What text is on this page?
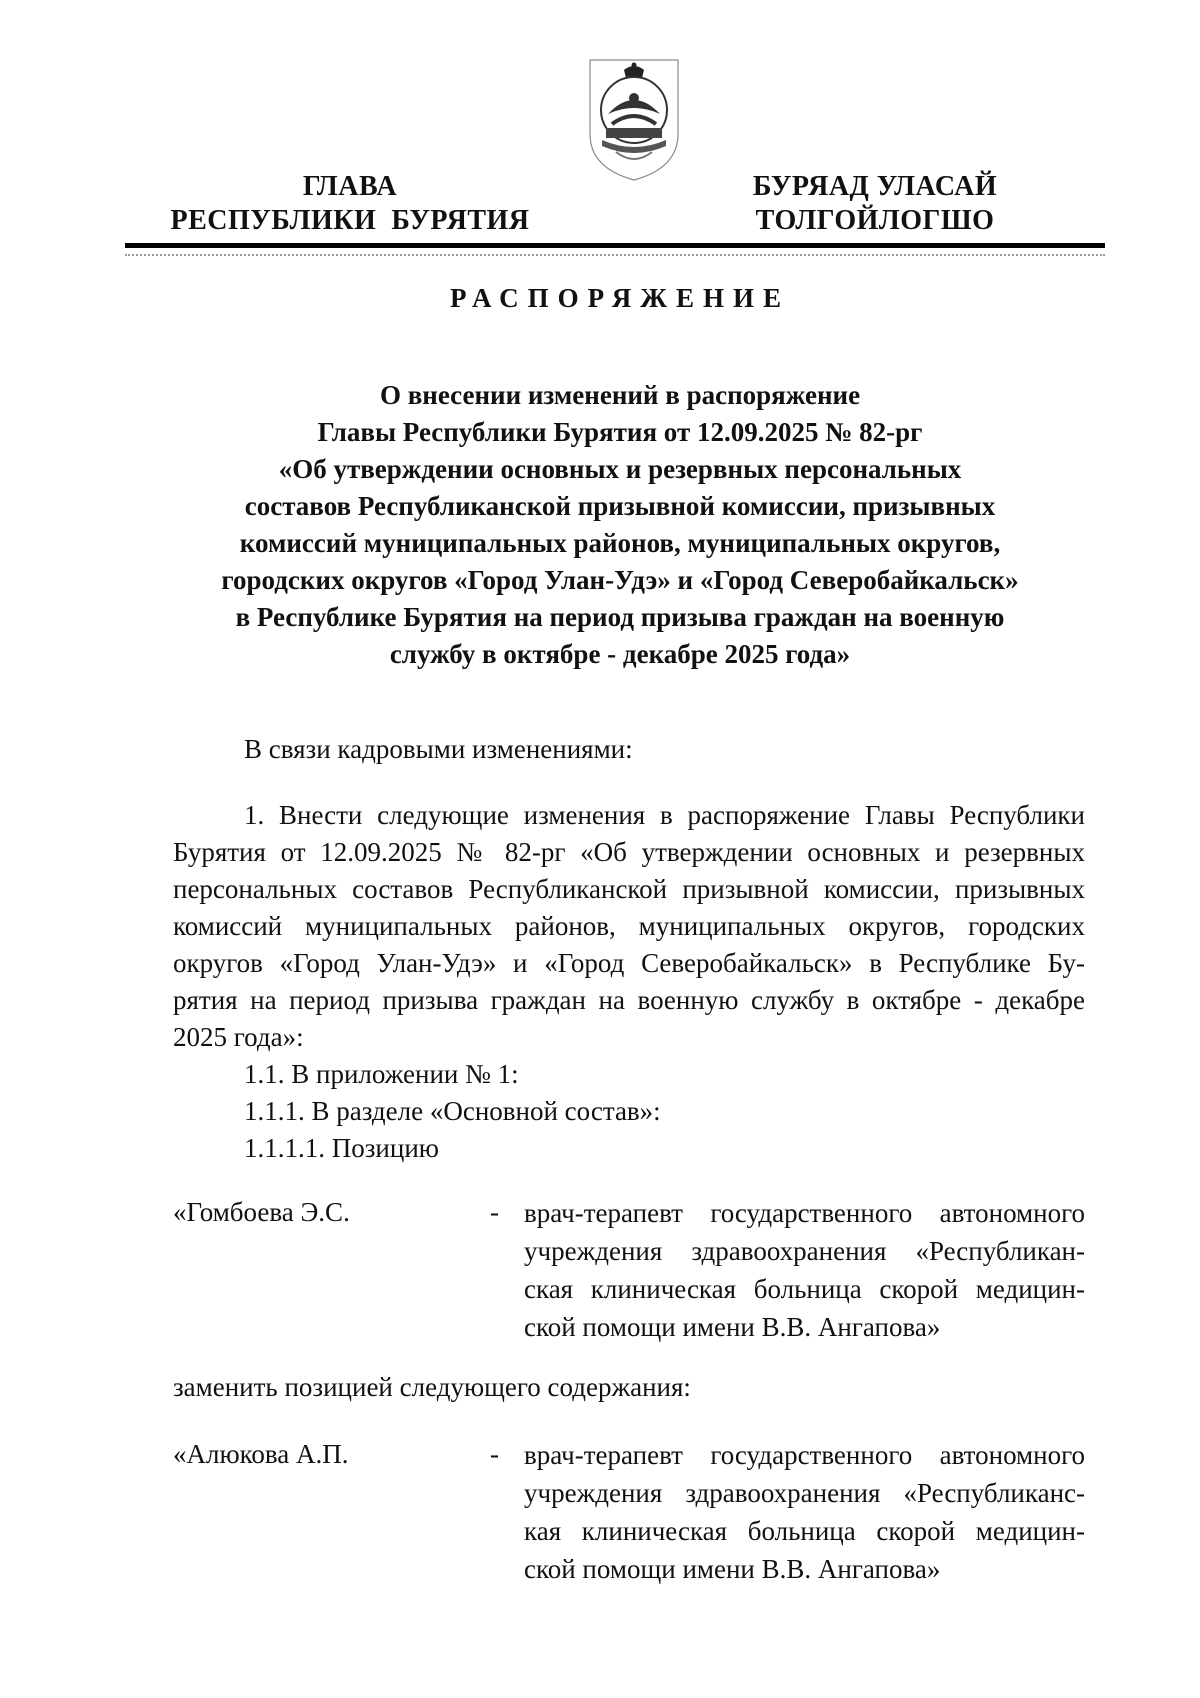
ГЛАВА
РЕСПУБЛИКИ  БУРЯТИЯ
БУРЯАД УЛАСАЙ
ТОЛГОЙЛОГШО
РАСПОРЯЖЕНИЕ
О внесении изменений в распоряжение
Главы Республики Бурятия от 12.09.2025 № 82-рг
«Об утверждении основных и резервных персональных
составов Республиканской призывной комиссии, призывных
комиссий муниципальных районов, муниципальных округов,
городских округов «Город Улан-Удэ» и «Город Северобайкальск»
в Республике Бурятия на период призыва граждан на военную
службу в октябре - декабре 2025 года»
В связи кадровыми изменениями:
1. Внести следующие изменения в распоряжение Главы Республики
Бурятия от 12.09.2025 № 82-рг «Об утверждении основных и резервных
персональных составов Республиканской призывной комиссии, призывных
комиссий муниципальных районов, муниципальных округов, городских
округов «Город Улан-Удэ» и «Город Северобайкальск» в Республике Бу-
рятия на период призыва граждан на военную службу в октябре - декабре
2025 года»:
1.1. В приложении № 1:
1.1.1. В разделе «Основной состав»:
1.1.1.1. Позицию
«Гомбоева Э.С.	- врач-терапевт государственного автономного
учреждения здравоохранения «Республикан-
ская клиническая больница скорой медицин-
ской помощи имени В.В. Ангапова»
заменить позицией следующего содержания:
«Алюкова А.П.	- врач-терапевт государственного автономного
учреждения здравоохранения «Республиканс-
кая клиническая больница скорой медицин-
ской помощи имени В.В. Ангапова»
